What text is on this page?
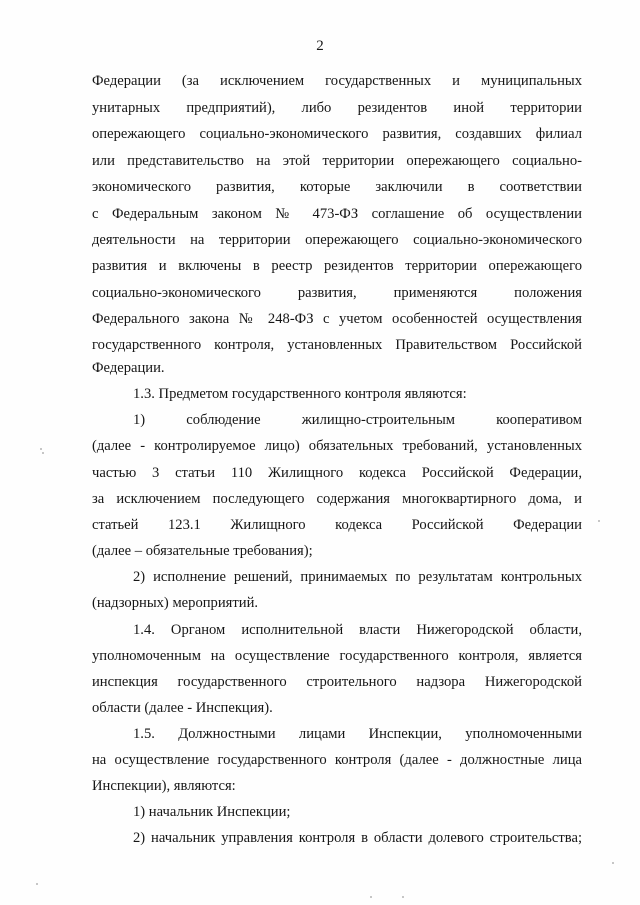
2
Федерации (за исключением государственных и муниципальных
унитарных предприятий), либо резидентов иной территории
опережающего социально-экономического развития, создавших филиал
или представительство на этой территории опережающего социально-
экономического развития, которые заключили в соответствии
с Федеральным законом № 473-ФЗ соглашение об осуществлении
деятельности на территории опережающего социально-экономического
развития и включены в реестр резидентов территории опережающего
социально-экономического развития, применяются положения
Федерального закона № 248-ФЗ с учетом особенностей осуществления
государственного контроля, установленных Правительством Российской
Федерации.
1.3. Предметом государственного контроля являются:
1) соблюдение жилищно-строительным кооперативом
(далее - контролируемое лицо) обязательных требований, установленных
частью 3 статьи 110 Жилищного кодекса Российской Федерации,
за исключением последующего содержания многоквартирного дома, и
статьей 123.1 Жилищного кодекса Российской Федерации
(далее – обязательные требования);
2) исполнение решений, принимаемых по результатам контрольных
(надзорных) мероприятий.
1.4. Органом исполнительной власти Нижегородской области,
уполномоченным на осуществление государственного контроля, является
инспекция государственного строительного надзора Нижегородской
области (далее - Инспекция).
1.5. Должностными лицами Инспекции, уполномоченными
на осуществление государственного контроля (далее - должностные лица
Инспекции), являются:
1) начальник Инспекции;
2) начальник управления контроля в области долевого строительства;
